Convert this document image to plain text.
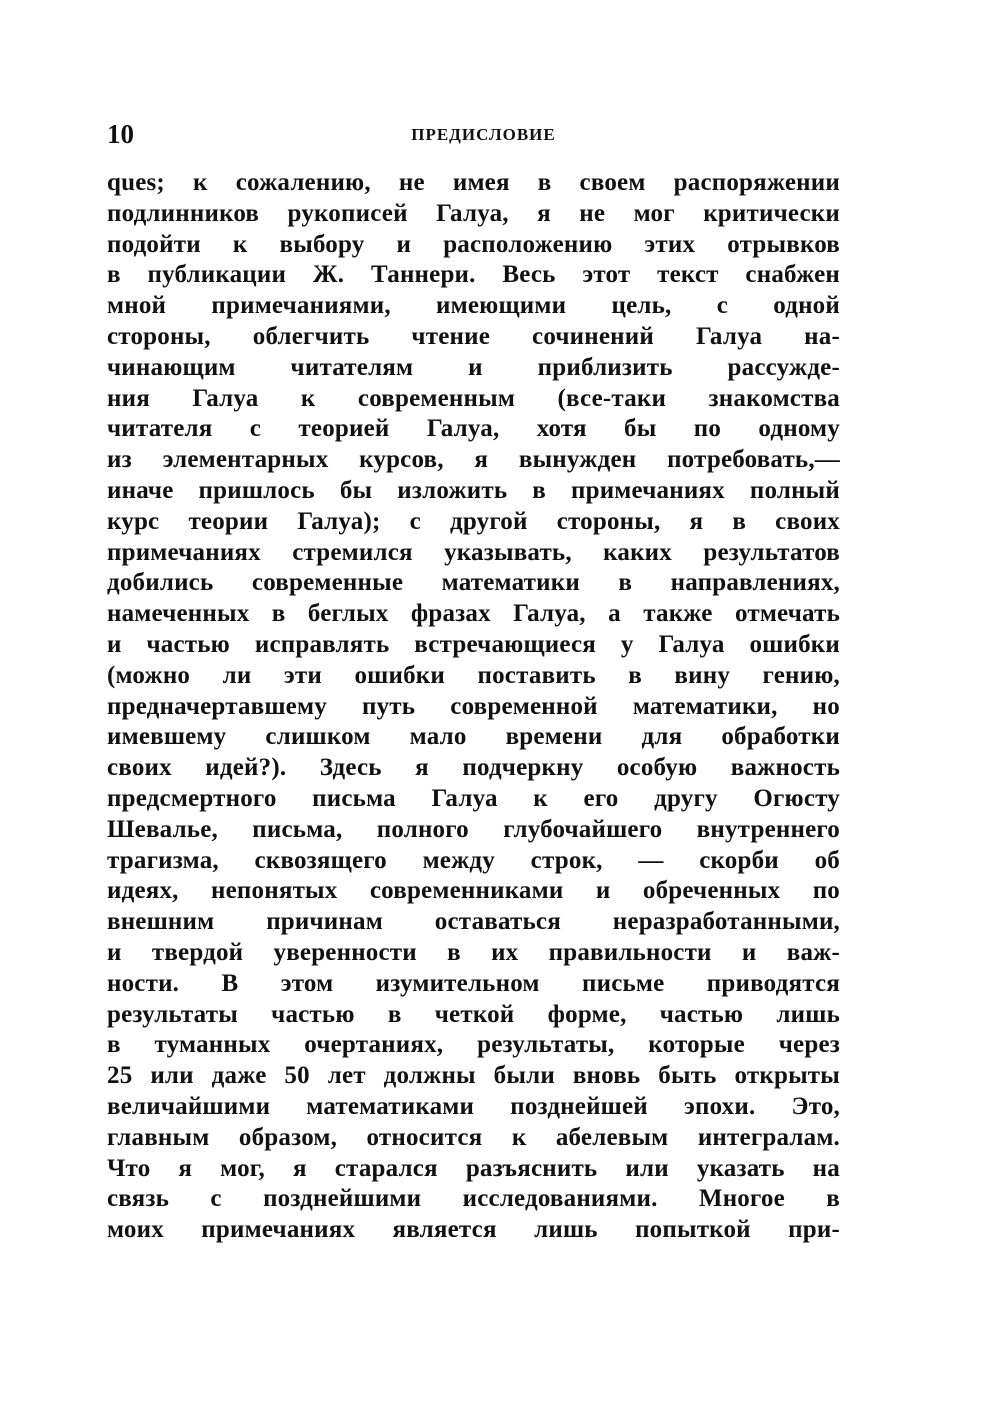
10	ПРЕДИСЛОВИЕ
ques; к сожалению, не имея в своем распоряжении
подлинников рукописей Галуа, я не мог критически
подойти к выбору и расположению этих отрывков
в публикации Ж. Таннери. Весь этот текст снабжен
мной примечаниями, имеющими цель, с одной
стороны, облегчить чтение сочинений Галуа на-
чинающим читателям и приблизить рассужде-
ния Галуа к современным (все-таки знакомства
читателя с теорией Галуа, хотя бы по одному
из элементарных курсов, я вынужден потребовать,—
иначе пришлось бы изложить в примечаниях полный
курс теории Галуа); с другой стороны, я в своих
примечаниях стремился указывать, каких результатов
добились современные математики в направлениях,
намеченных в беглых фразах Галуа, а также отмечать
и частью исправлять встречающиеся у Галуа ошибки
(можно ли эти ошибки поставить в вину гению,
предначертавшему путь современной математики, но
имевшему слишком мало времени для обработки
своих идей?). Здесь я подчеркну особую важность
предсмертного письма Галуа к его другу Огюсту
Шевалье, письма, полного глубочайшего внутреннего
трагизма, сквозящего между строк, — скорби об
идеях, непонятых современниками и обреченных по
внешним причинам оставаться неразработанными,
и твердой уверенности в их правильности и важ-
ности. В этом изумительном письме приводятся
результаты частью в четкой форме, частью лишь
в туманных очертаниях, результаты, которые через
25 или даже 50 лет должны были вновь быть открыты
величайшими математиками позднейшей эпохи. Это,
главным образом, относится к абелевым интегралам.
Что я мог, я старался разъяснить или указать на
связь с позднейшими исследованиями. Многое в
моих примечаниях является лишь попыткой при-
